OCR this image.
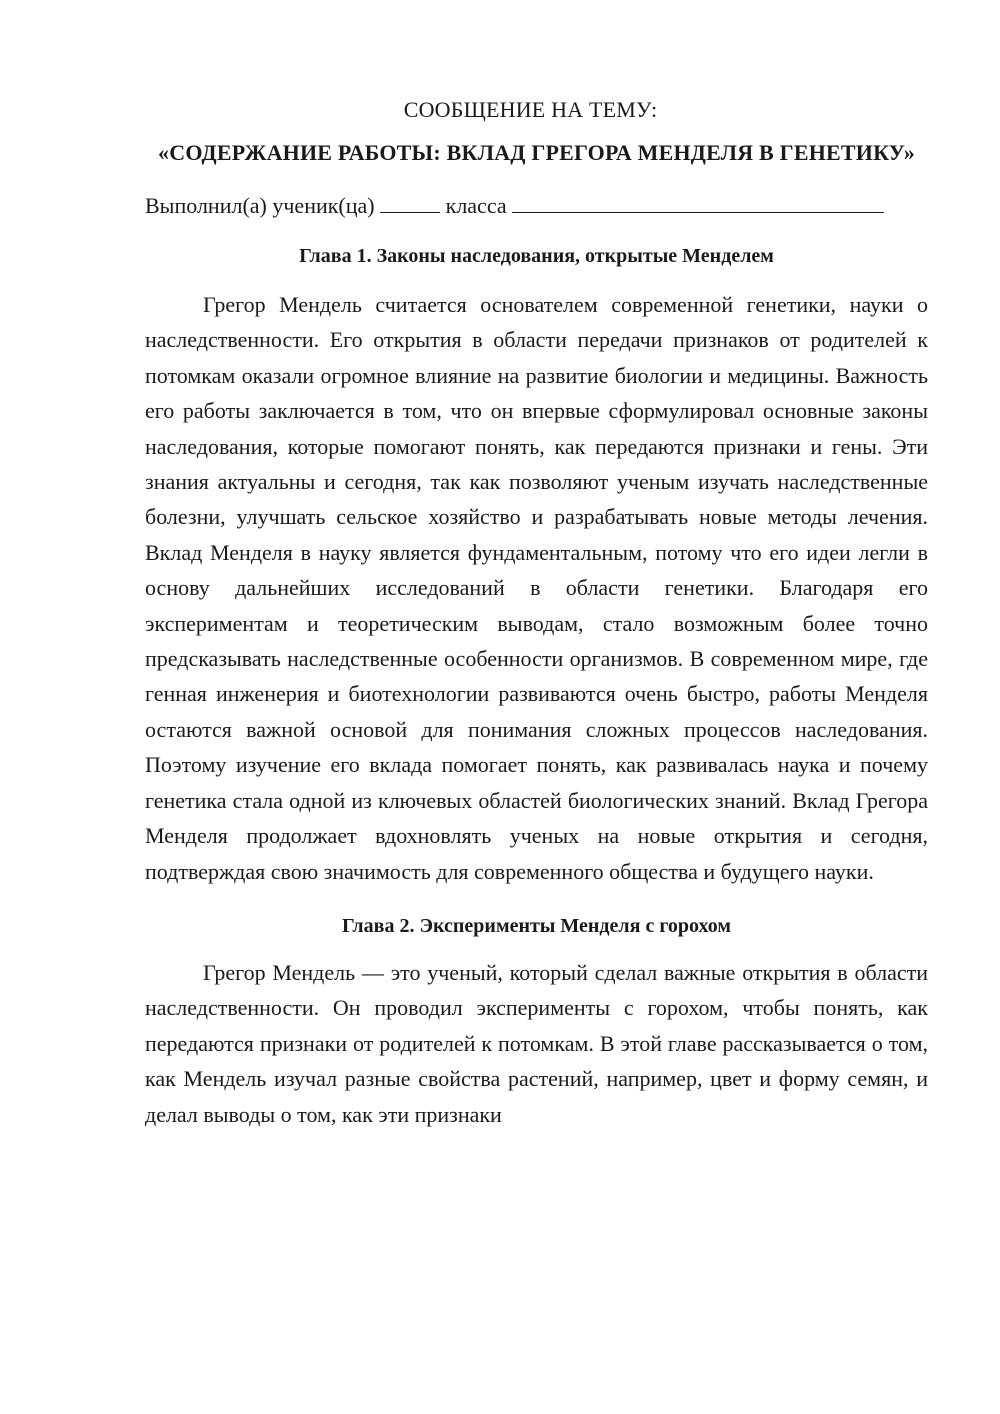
СООБЩЕНИЕ НА ТЕМУ:
«СОДЕРЖАНИЕ РАБОТЫ: ВКЛАД ГРЕГОРА МЕНДЕЛЯ В ГЕНЕТИКУ»
Выполнил(а) ученик(ца)	класса
Глава 1. Законы наследования, открытые Менделем

Грегор Мендель считается основателем современной генетики, науки о наследственности. Его открытия в области передачи признаков от родителей к потомкам оказали огромное влияние на развитие биологии и медицины. Важность его работы заключается в том, что он впервые сформулировал основные законы наследования, которые помогают понять, как передаются признаки и гены. Эти знания актуальны и сегодня, так как позволяют ученым изучать наследственные болезни, улучшать сельское хозяйство и разрабатывать новые методы лечения. Вклад Менделя в науку является фундаментальным, потому что его идеи легли в основу дальнейших исследований в области генетики. Благодаря его экспериментам и теоретическим выводам, стало возможным более точно предсказывать наследственные особенности организмов. В современном мире, где генная инженерия и биотехнологии развиваются очень быстро, работы Менделя остаются важной основой для понимания сложных процессов наследования. Поэтому изучение его вклада помогает понять, как развивалась наука и почему генетика стала одной из ключевых областей биологических знаний. Вклад Грегора Менделя продолжает вдохновлять ученых на новые открытия и сегодня, подтверждая свою значимость для современного общества и будущего науки.

Глава 2. Эксперименты Менделя с горохом

Грегор Мендель — это ученый, который сделал важные открытия в области наследственности. Он проводил эксперименты с горохом, чтобы понять, как передаются признаки от родителей к потомкам. В этой главе рассказывается о том, как Мендель изучал разные свойства растений, например, цвет и форму семян, и делал выводы о том, как эти признаки
